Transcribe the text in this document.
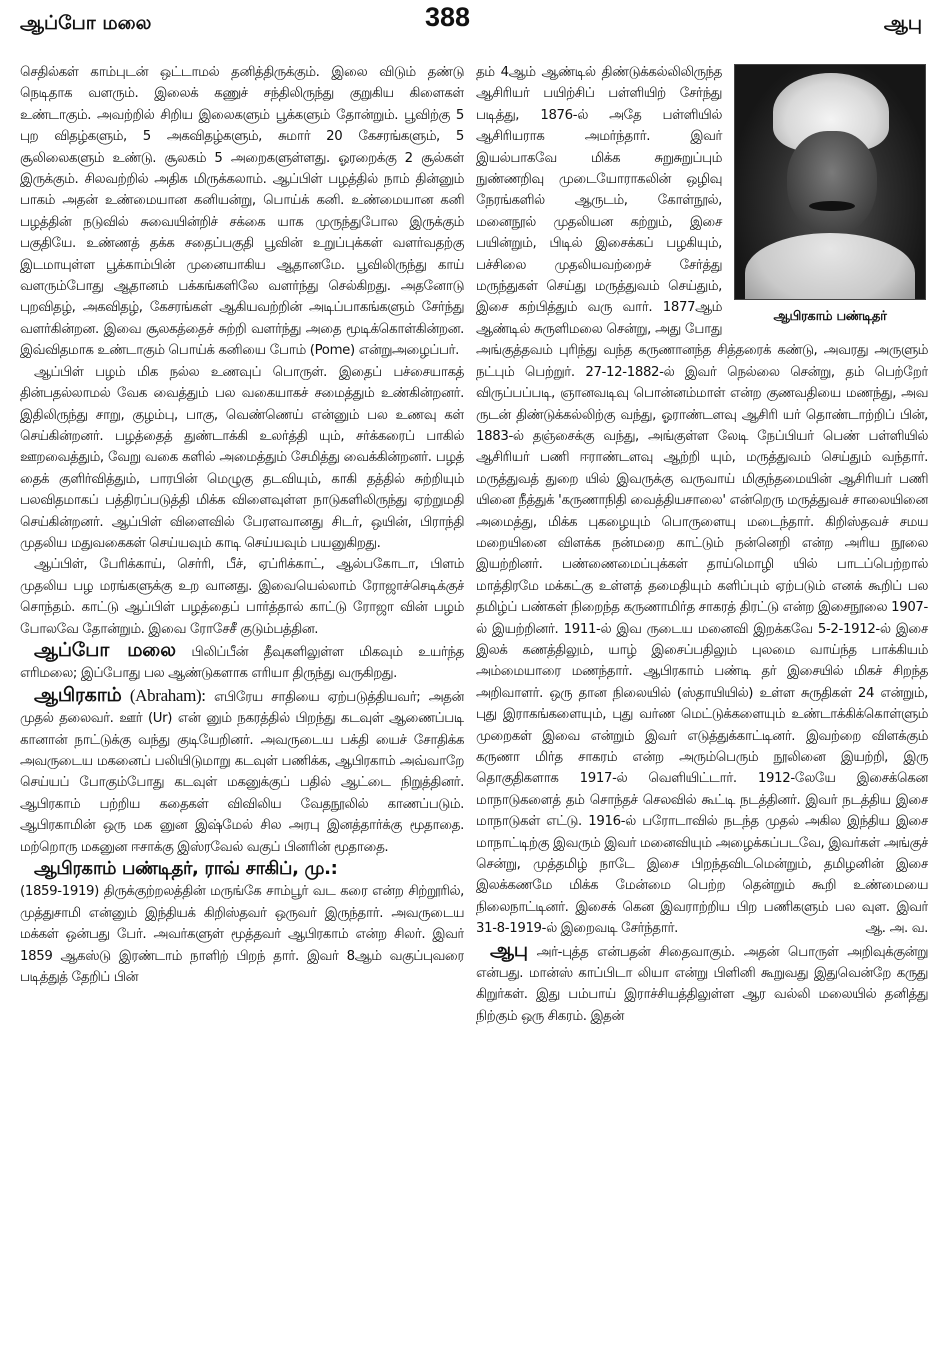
ஆப்போ மலை	388	ஆபு

செதில்கள் காம்புடன் ஒட்டாமல் தனித்திருக்கும். இலை விடும் தண்டு நெடிதாக வளரும். இலைக் கணுச் சந்திலிருந்து குறுகிய கிளைகள் உண்டாகும். அவற்றில் சிறிய இலைகளும் பூக்களும் தோன்றும். பூவிற்கு 5 புற விதழ்களும், 5 அகவிதழ்களும், சுமார் 20 கேசரங்களும், 5 சூலிலைகளும் உண்டு. சூலகம் 5 அறைகளுள்ளது. ஓரறைக்கு 2 சூல்கள் இருக்கும். சிலவற்றில் அதிக மிருக்கலாம். ஆப்பிள் பழத்தில் நாம் தின்னும் பாகம் அதன் உண்மையான கனியன்று, பொய்க் கனி. உண்மையான கனி பழத்தின் நடுவில் சுவையின்றிச் சக்கை யாக முருந்துபோல இருக்கும் பகுதியே. உண்ணத் தக்க சதைப்பகுதி பூவின் உறுப்புக்கள் வளர்வதற்கு இடமாயுள்ள பூக்காம்பின் முனையாகிய ஆதானமே. பூவிலிருந்து காய் வளரும்போது ஆதானம் பக்கங்களிலே வளர்ந்து செல்கிறது. அதனோடு புறவிதழ், அகவிதழ், கேசரங்கள் ஆகியவற்றின் அடிப்பாகங்களும் சேர்ந்து வளர்கின்றன. இவை சூலகத்தைச் சுற்றி வளர்ந்து அதை மூடிக்கொள்கின்றன. இவ்விதமாக உண்டாகும் பொய்க் கனியை போம் (Pome) என்றுஅழைப்பர்.

ஆப்பிள் பழம் மிக நல்ல உணவுப் பொருள். இதைப் பச்சையாகத் தின்பதல்லாமல் வேக வைத்தும் பல வகையாகச் சமைத்தும் உண்கின்றனர். இதிலிருந்து சாறு, குழம்பு, பாகு, வெண்ணெய் என்னும் பல உணவு கள் செய்கின்றனர். பழத்தைத் துண்டாக்கி உலர்த்தி யும், சர்க்கரைப் பாகில் ஊறவைத்தும், வேறு வகை களில் அமைத்தும் சேமித்து வைக்கின்றனர். பழத் தைக் குளிர்வித்தும், பாரபின் மெழுகு தடவியும், காகி தத்தில் சுற்றியும் பலவிதமாகப் பத்திரப்படுத்தி மிக்க விளைவுள்ள நாடுகளிலிருந்து ஏற்றுமதி செய்கின்றனர். ஆப்பிள் விளைவில் பேரளவானது சிடர், ஒயின், பிராந்தி முதலிய மதுவகைகள் செய்யவும் காடி செய்யவும் பயனுகிறது.

ஆப்பிள், பேரிக்காய், செர்ரி, பீச், ஏப்ரிக்காட், ஆல்பகோடா, பிளம் முதலிய பழ மரங்களுக்கு உற வானது. இவையெல்லாம் ரோஜாச்செடிக்குச் சொந்தம். காட்டு ஆப்பிள் பழத்தைப் பார்த்தால் காட்டு ரோஜா வின் பழம் போலவே தோன்றும். இவை ரோசேசீ குடும்பத்தின.

ஆப்போ மலை பிலிப்பீன் தீவுகளிலுள்ள மிகவும் உயர்ந்த எரிமலை; இப்போது பல ஆண்டுகளாக எரியா திருந்து வருகிறது.

ஆபிரகாம் (Abraham): எபிரேய சாதியை ஏற்படுத்தியவர்; அதன் முதல் தலைவர். ஊர் (Ur) என் னும் நகரத்தில் பிறந்து கடவுள் ஆணைப்படி கானான் நாட்டுக்கு வந்து குடியேறினர். அவருடைய பக்தி யைச் சோதிக்க அவருடைய மகனைப் பலியிடுமாறு கடவுள் பணிக்க, ஆபிரகாம் அவ்வாறே செய்யப் போகும்போது கடவுள் மகனுக்குப் பதில் ஆட்டை நிறுத்தினர். ஆபிரகாம் பற்றிய கதைகள் விவிலிய வேதநூலில் காணப்படும். ஆபிரகாமின் ஒரு மக னுன இஷ்மேல் சில அரபு இனத்தார்க்கு மூதாதை. மற்றொரு மகனுன ஈசாக்கு இஸ்ரவேல் வகுப் பினரின் மூதாதை.

ஆபிரகாம் பண்டிதர், ராவ் சாகிப், மு.:
(1859-1919) திருக்குற்றலத்தின் மருங்கே சாம்பூர் வட கரை என்ற சிற்றூரில், முத்துசாமி என்னும் இந்தியக் கிறிஸ்தவர் ஒருவர் இருந்தார். அவருடைய மக்கள் ஒன்பது பேர். அவர்களுள் மூத்தவர் ஆபிரகாம் என்ற சிலர். இவர் 1859 ஆகஸ்டு இரண்டாம் நாளிற் பிறந் தார். இவர் 8ஆம் வகுப்புவரை படித்துத் தேறிப் பின்

ஆபிரகாம் பண்டிதர்

தம் 4ஆம் ஆண்டில் திண்டுக்கல்லிலிருந்த ஆசிரியர் பயிற்சிப் பள்ளியிற் சேர்ந்து படித்து, 1876-ல் அதே பள்ளியில் ஆசிரியராக அமர்ந்தார். இவர் இயல்பாகவே மிக்க சுறுசுறுப்பும் நுண்ணறிவு முடையோராகலின் ஒழிவு நேரங்களில் ஆருடம், கோள்நூல், மனைநூல் முதலியன கற்றும், இசை பயின்றும், பிடில் இசைக்கப் பழகியும், பச்சிலை முதலியவற்றைச் சேர்த்து மருந்துகள் செய்து மருத்துவம் செய்தும், இசை கற்பித்தும் வரு வார். 1877ஆம் ஆண்டில் சுருளிமலை சென்று, அது போது அங்குத்தவம் புரிந்து வந்த கருணானந்த சித்தரைக் கண்டு, அவரது அருளும் நட்பும் பெற்றுர். 27-12-1882-ல் இவர் நெல்லை சென்று, தம் பெற்றேர் விருப்பப்படி, ஞானவடிவு பொன்னம்மாள் என்ற குணவதியை மணந்து, அவ ருடன் திண்டுக்கல்லிற்கு வந்து, ஓராண்டளவு ஆசிரி யர் தொண்டாற்றிப் பின், 1883-ல் தஞ்சைக்கு வந்து, அங்குள்ள லேடி நேப்பியர் பெண் பள்ளியில் ஆசிரியர் பணி ஈராண்டளவு ஆற்றி யும், மருத்துவம் செய்தும் வந்தார். மருத்துவத் துறை யில் இவருக்கு வருவாய் மிகுந்தமையின் ஆசிரியர் பணி யினை நீத்துக் 'கருணாநிதி வைத்தியசாலை' என்றெரு மருத்துவச் சாலையினை அமைத்து, மிக்க புகழையும் பொருளையு மடைந்தார். கிறிஸ்தவச் சமய மறையினை விளக்க நன்மறை காட்டும் நன்னெறி என்ற அரிய நூலை இயற்றினர். பண்ணைமைப்புக்கள் தாய்மொழி யில் பாடப்பெற்றால் மாத்திரமே மக்கட்கு உள்ளத் தமைதியும் களிப்பும் ஏற்படும் எனக் கூறிப் பல தமிழ்ப் பண்கள் நிறைந்த கருணாமிர்த சாகரத் திரட்டு என்ற இசைநூலை 1907-ல் இயற்றினர். 1911-ல் இவ ருடைய மனைவி இறக்கவே 5-2-1912-ல் இசை இலக் கணத்திலும், யாழ் இசைப்பதிலும் புலமை வாய்ந்த பாக்கியம் அம்மையாரை மணந்தார். ஆபிரகாம் பண்டி தர் இசையில் மிகச் சிறந்த அறிவாளர். ஒரு தான நிலையில் (ஸ்தாயியில்) உள்ள சுருதிகள் 24 என்றும், புது இராகங்களையும், புது வர்ண மெட்டுக்களையும் உண்டாக்கிக்கொள்ளும் முறைகள் இவை என்றும் இவர் எடுத்துக்காட்டினர். இவற்றை விளக்கும் கருணா மிர்த சாகரம் என்ற அரும்பெரும் நூலினை இயற்றி, இரு தொகுதிகளாக 1917-ல் வெளியிட்டார். 1912-லேயே இசைக்கென மாநாடுகளைத் தம் சொந்தச் செலவில் கூட்டி நடத்தினர். இவர் நடத்திய இசை மாநாடுகள் எட்டு. 1916-ல் பரோடாவில் நடந்த முதல் அகில இந்திய இசை மாநாட்டிற்கு இவரும் இவர் மனைவியும் அழைக்கப்படவே, இவர்கள் அங்குச் சென்று, முத்தமிழ் நாடே இசை பிறந்தவிடமென்றும், தமிழனின் இசை இலக்கணமே மிக்க மேன்மை பெற்ற தென்றும் கூறி உண்மையை நிலைநாட்டினர். இசைக் கென இவராற்றிய பிற பணிகளும் பல வுள. இவர் 31-8-1919-ல் இறைவடி சேர்ந்தார்.	ஆ. அ. வ.

ஆபு அர்-புத்த என்பதன் சிதைவாகும். அதன் பொருள் அறிவுக்குன்று என்பது. மான்ஸ் காப்பிடா லியா என்று பிளினி கூறுவது இதுவென்றே கருது கிறுர்கள். இது பம்பாய் இராச்சியத்திலுள்ள ஆர வல்லி மலையில் தனித்து நிற்கும் ஒரு சிகரம். இதன்
